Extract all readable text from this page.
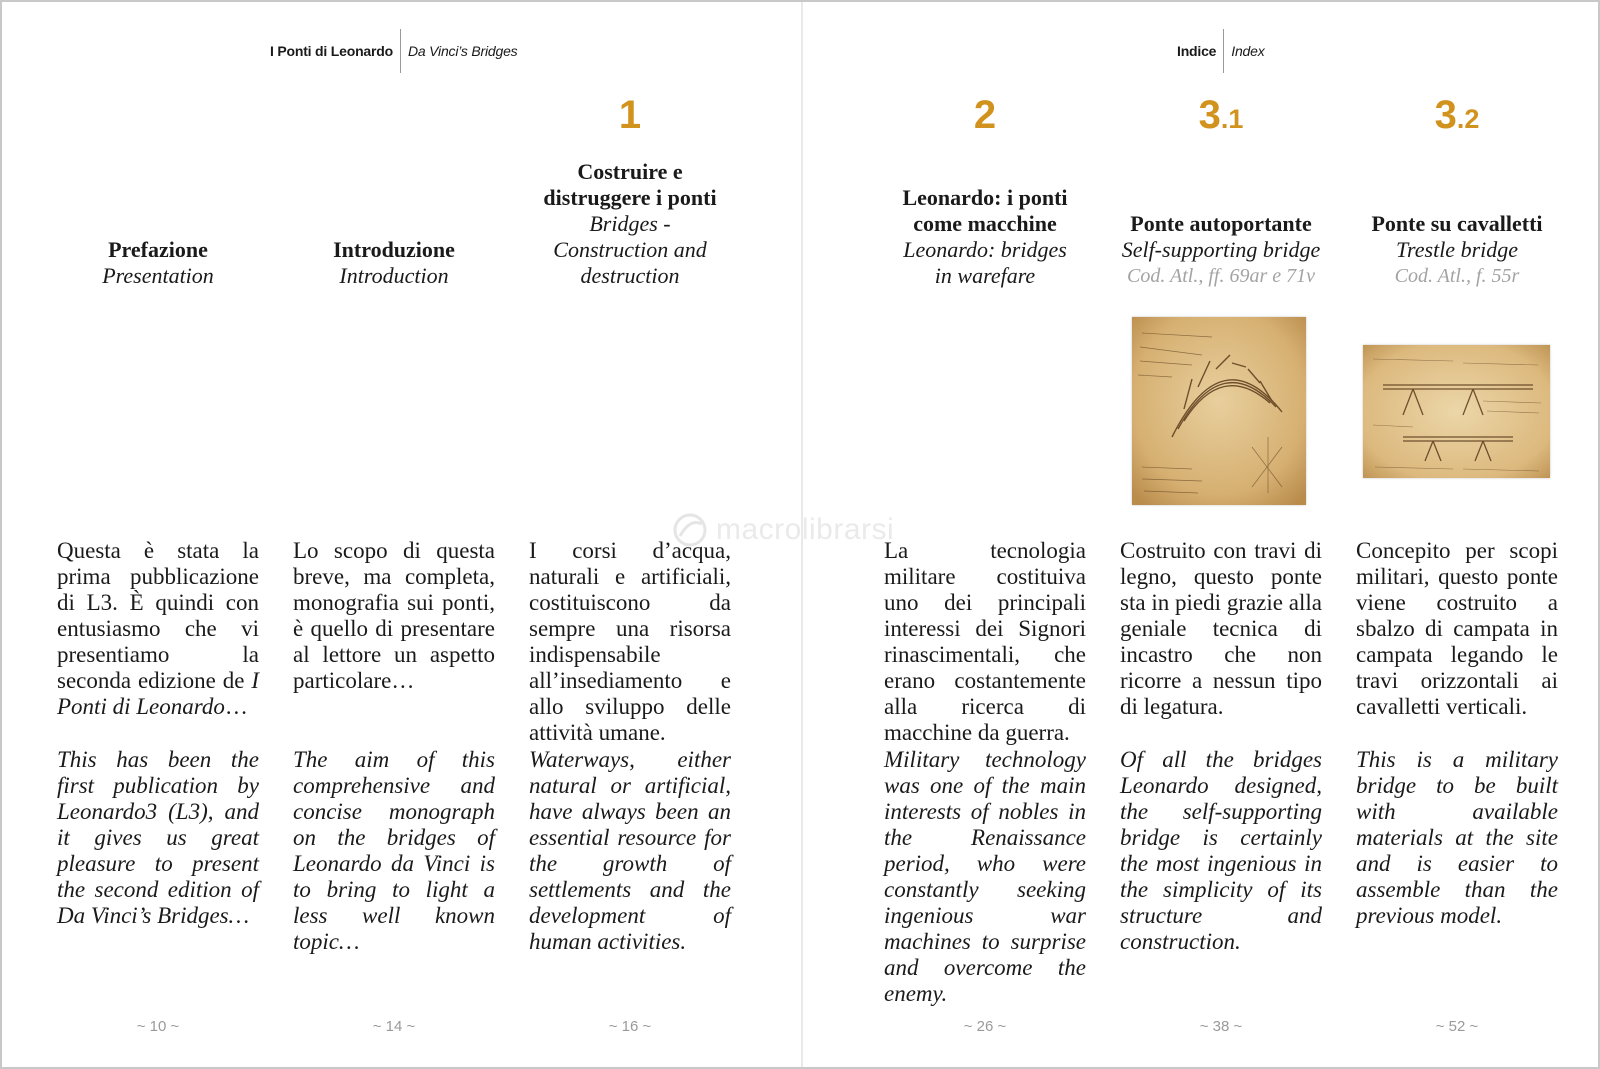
I Ponti di Leonardo	Da Vinci’s Bridges	Indice	Index
Prefazione
Presentation

Questa è stata la prima pubblicazione di L3. È quindi con entusiasmo che vi presentiamo la seconda edizione de I Ponti di Leonardo…

This has been the first publication by Leonardo3 (L3), and it gives us great pleasure to present the second edition of Da Vinci’s Bridges…

~ 10 ~
Introduzione
Introduction

Lo scopo di questa breve, ma completa, monografia sui ponti, è quello di presentare al lettore un aspetto particolare…

The aim of this comprehensive and concise monograph on the bridges of Leonardo da Vinci is to bring to light a less well known topic…

~ 14 ~
1
Costruire e
distruggere i ponti
Bridges -
Construction and
destruction

I corsi d’acqua, naturali e artificiali, costituiscono da sempre una risorsa indispensabile all’insediamento e allo sviluppo delle attività umane.

Waterways, either natural or artificial, have always been an essential resource for the growth of settlements and the development of human activities.

~ 16 ~
2
Leonardo: i ponti
come macchine
Leonardo: bridges
in warefare

La tecnologia militare costituiva uno dei principali interessi dei Signori rinascimentali, che erano costantemente alla ricerca di macchine da guerra.

Military technology was one of the main interests of nobles in the Renaissance period, who were constantly seeking ingenious war machines to surprise and overcome the enemy.

~ 26 ~
3.1
Ponte autoportante
Self-supporting bridge
Cod. Atl., ff. 69ar e 71v

Costruito con travi di legno, questo ponte sta in piedi grazie alla geniale tecnica di incastro che non ricorre a nessun tipo di legatura.

Of all the bridges Leonardo designed, the self-supporting bridge is certainly the most ingenious in the simplicity of its structure and construction.

~ 38 ~
3.2
Ponte su cavalletti
Trestle bridge
Cod. Atl., f. 55r

Concepito per scopi militari, questo ponte viene costruito a sbalzo di campata in campata legando le travi orizzontali ai cavalletti verticali.

This is a military bridge to be built with available materials at the site and is easier to assemble than the previous model.

~ 52 ~
macrolibrarsi
